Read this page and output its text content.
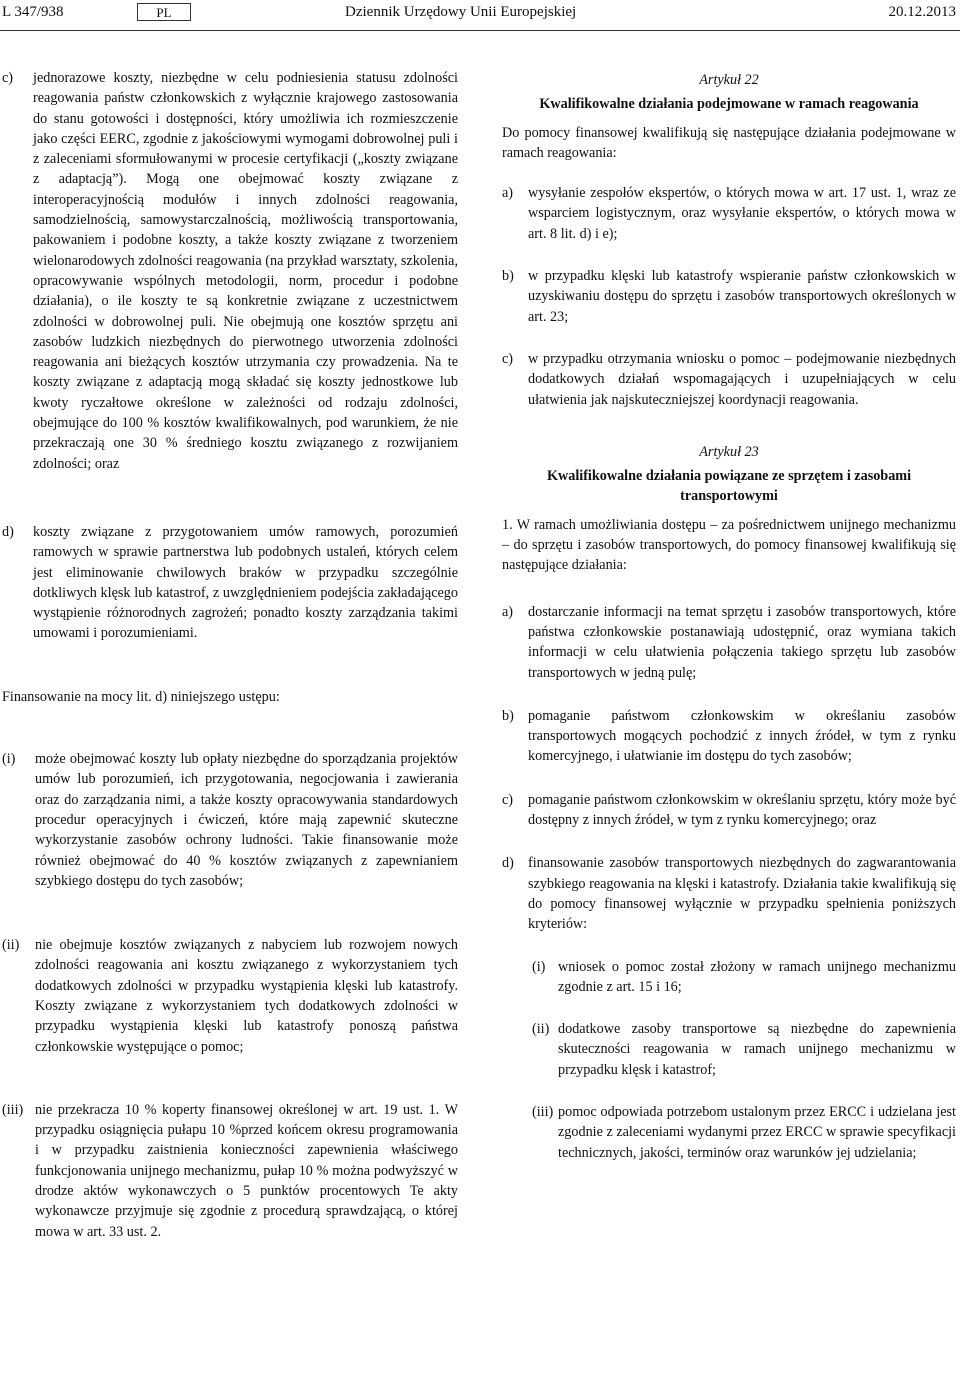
L 347/938	PL	Dziennik Urzędowy Unii Europejskiej	20.12.2013
c)	jednorazowe koszty, niezbędne w celu podniesienia statusu zdolności reagowania państw członkowskich z wyłącznie krajowego zastosowania do stanu gotowości i dostępności, który umożliwia ich rozmieszczenie jako części EERC, zgodnie z jakościowymi wymogami dobrowolnej puli i z zaleceniami sformułowanymi w procesie certyfikacji („koszty związane z adaptacją”). Mogą one obejmować koszty związane z interoperacyjnością modułów i innych zdolności reagowania, samodzielnością, samowystarczalnością, możliwością transportowania, pakowaniem i podobne koszty, a także koszty związane z tworzeniem wielonarodowych zdolności reagowania (na przykład warsztaty, szkolenia, opracowywanie wspólnych metodologii, norm, procedur i podobne działania), o ile koszty te są konkretnie związane z uczestnictwem zdolności w dobrowolnej puli. Nie obejmują one kosztów sprzętu ani zasobów ludzkich niezbędnych do pierwotnego utworzenia zdolności reagowania ani bieżących kosztów utrzymania czy prowadzenia. Na te koszty związane z adaptacją mogą składać się koszty jednostkowe lub kwoty ryczałtowe określone w zależności od rodzaju zdolności, obejmujące do 100 % kosztów kwalifikowalnych, pod warunkiem, że nie przekraczają one 30 % średniego kosztu związanego z rozwijaniem zdolności; oraz
d)	koszty związane z przygotowaniem umów ramowych, porozumień ramowych w sprawie partnerstwa lub podobnych ustaleń, których celem jest eliminowanie chwilowych braków w przypadku szczególnie dotkliwych klęsk lub katastrof, z uwzględnieniem podejścia zakładającego wystąpienie różnorodnych zagrożeń; ponadto koszty zarządzania takimi umowami i porozumieniami.

Finansowanie na mocy lit. d) niniejszego ustępu:

(i)	może obejmować koszty lub opłaty niezbędne do sporządzania projektów umów lub porozumień, ich przygotowania, negocjowania i zawierania oraz do zarządzania nimi, a także koszty opracowywania standardowych procedur operacyjnych i ćwiczeń, które mają zapewnić skuteczne wykorzystanie zasobów ochrony ludności. Takie finansowanie może również obejmować do 40 % kosztów związanych z zapewnianiem szybkiego dostępu do tych zasobów;
(ii)	nie obejmuje kosztów związanych z nabyciem lub rozwojem nowych zdolności reagowania ani kosztu związanego z wykorzystaniem tych dodatkowych zdolności w przypadku wystąpienia klęski lub katastrofy. Koszty związane z wykorzystaniem tych dodatkowych zdolności w przypadku wystąpienia klęski lub katastrofy ponoszą państwa członkowskie występujące o pomoc;
(iii) nie przekracza 10 % koperty finansowej określonej w art. 19 ust. 1. W przypadku osiągnięcia pułapu 10 %przed końcem okresu programowania i w przypadku zaistnienia konieczności zapewnienia właściwego funkcjonowania unijnego mechanizmu, pułap 10 % można podwyższyć w drodze aktów wykonawczych o 5 punktów procentowych Te akty wykonawcze przyjmuje się zgodnie z procedurą sprawdzającą, o której mowa w art. 33 ust. 2.
Artykuł 22
Kwalifikowalne działania podejmowane w ramach reagowania

Do pomocy finansowej kwalifikują się następujące działania podejmowane w ramach reagowania:

a)	wysyłanie zespołów ekspertów, o których mowa w art. 17 ust. 1, wraz ze wsparciem logistycznym, oraz wysyłanie ekspertów, o których mowa w art. 8 lit. d) i e);
b) w przypadku klęski lub katastrofy wspieranie państw członkowskich w uzyskiwaniu dostępu do sprzętu i zasobów transportowych określonych w art. 23;
c)	w przypadku otrzymania wniosku o pomoc – podejmowanie niezbędnych dodatkowych działań wspomagających i uzupełniających w celu ułatwienia jak najskuteczniejszej koordynacji reagowania.
Artykuł 23
Kwalifikowalne działania powiązane ze sprzętem i zasobami transportowymi

1. W ramach umożliwiania dostępu – za pośrednictwem unijnego mechanizmu – do sprzętu i zasobów transportowych, do pomocy finansowej kwalifikują się następujące działania:

a)	dostarczanie informacji na temat sprzętu i zasobów transportowych, które państwa członkowskie postanawiają udostępnić, oraz wymiana takich informacji w celu ułatwienia połączenia takiego sprzętu lub zasobów transportowych w jedną pulę;
b) pomaganie państwom członkowskim w określaniu zasobów transportowych mogących pochodzić z innych źródeł, w tym z rynku komercyjnego, i ułatwianie im dostępu do tych zasobów;
c)	pomaganie państwom członkowskim w określaniu sprzętu, który może być dostępny z innych źródeł, w tym z rynku komercyjnego; oraz
d) finansowanie zasobów transportowych niezbędnych do zagwarantowania szybkiego reagowania na klęski i katastrofy. Działania takie kwalifikują się do pomocy finansowej wyłącznie w przypadku spełnienia poniższych kryteriów:
(i) wniosek o pomoc został złożony w ramach unijnego mechanizmu zgodnie z art. 15 i 16;
(ii) dodatkowe zasoby transportowe są niezbędne do zapewnienia skuteczności reagowania w ramach unijnego mechanizmu w przypadku klęsk i katastrof;
(iii) pomoc odpowiada potrzebom ustalonym przez ERCC i udzielana jest zgodnie z zaleceniami wydanymi przez ERCC w sprawie specyfikacji technicznych, jakości, terminów oraz warunków jej udzielania;
